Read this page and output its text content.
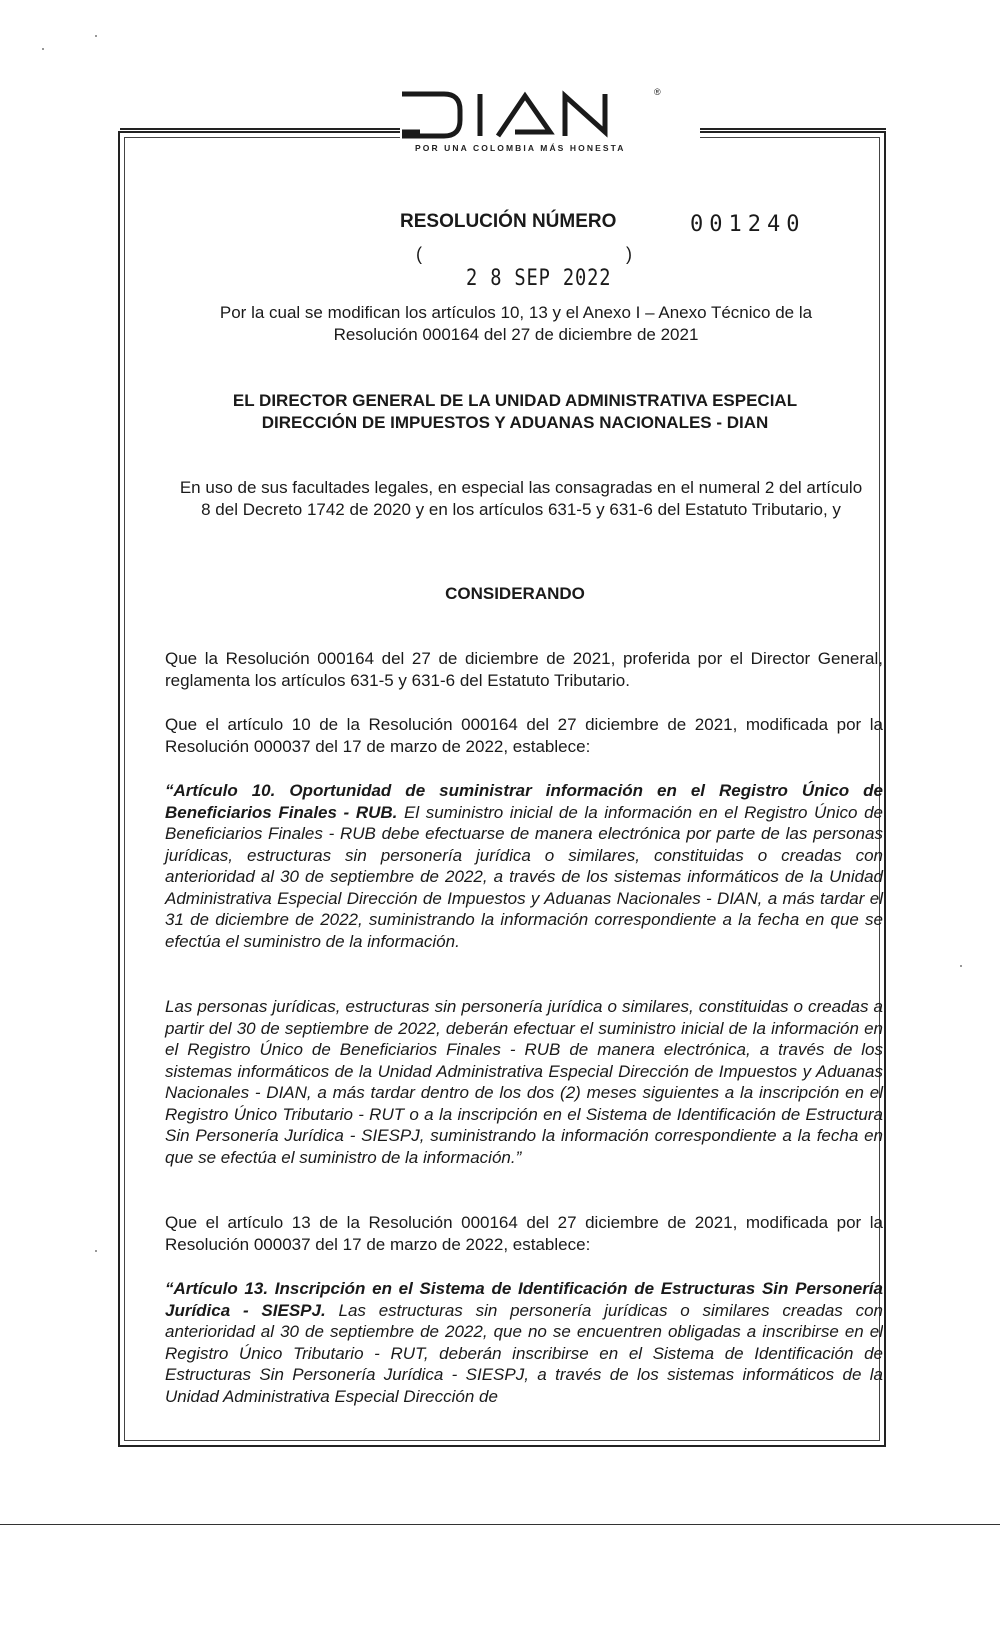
®
POR UNA COLOMBIA MÁS HONESTA
RESOLUCIÓN NÚMERO	001240
(	)
2 8 SEP 2022
Por la cual se modifican los artículos 10, 13 y el Anexo I – Anexo Técnico de la Resolución 000164 del 27 de diciembre de 2021
EL DIRECTOR GENERAL DE LA UNIDAD ADMINISTRATIVA ESPECIAL
DIRECCIÓN DE IMPUESTOS Y ADUANAS NACIONALES - DIAN
En uso de sus facultades legales, en especial las consagradas en el numeral 2 del artículo 8 del Decreto 1742 de 2020 y en los artículos 631-5 y 631-6 del Estatuto Tributario, y
CONSIDERANDO
Que la Resolución 000164 del 27 de diciembre de 2021, proferida por el Director General, reglamenta los artículos 631-5 y 631-6 del Estatuto Tributario.
Que el artículo 10 de la Resolución 000164 del 27 diciembre de 2021, modificada por la Resolución 000037 del 17 de marzo de 2022, establece:
“Artículo 10. Oportunidad de suministrar información en el Registro Único de Beneficiarios Finales - RUB. El suministro inicial de la información en el Registro Único de Beneficiarios Finales - RUB debe efectuarse de manera electrónica por parte de las personas jurídicas, estructuras sin personería jurídica o similares, constituidas o creadas con anterioridad al 30 de septiembre de 2022, a través de los sistemas informáticos de la Unidad Administrativa Especial Dirección de Impuestos y Aduanas Nacionales - DIAN, a más tardar el 31 de diciembre de 2022, suministrando la información correspondiente a la fecha en que se efectúa el suministro de la información.
Las personas jurídicas, estructuras sin personería jurídica o similares, constituidas o creadas a partir del 30 de septiembre de 2022, deberán efectuar el suministro inicial de la información en el Registro Único de Beneficiarios Finales - RUB de manera electrónica, a través de los sistemas informáticos de la Unidad Administrativa Especial Dirección de Impuestos y Aduanas Nacionales - DIAN, a más tardar dentro de los dos (2) meses siguientes a la inscripción en el Registro Único Tributario - RUT o a la inscripción en el Sistema de Identificación de Estructura Sin Personería Jurídica - SIESPJ, suministrando la información correspondiente a la fecha en que se efectúa el suministro de la información.”
Que el artículo 13 de la Resolución 000164 del 27 diciembre de 2021, modificada por la Resolución 000037 del 17 de marzo de 2022, establece:
“Artículo 13. Inscripción en el Sistema de Identificación de Estructuras Sin Personería Jurídica - SIESPJ. Las estructuras sin personería jurídicas o similares creadas con anterioridad al 30 de septiembre de 2022, que no se encuentren obligadas a inscribirse en el Registro Único Tributario - RUT, deberán inscribirse en el Sistema de Identificación de Estructuras Sin Personería Jurídica - SIESPJ, a través de los sistemas informáticos de la Unidad Administrativa Especial Dirección de
